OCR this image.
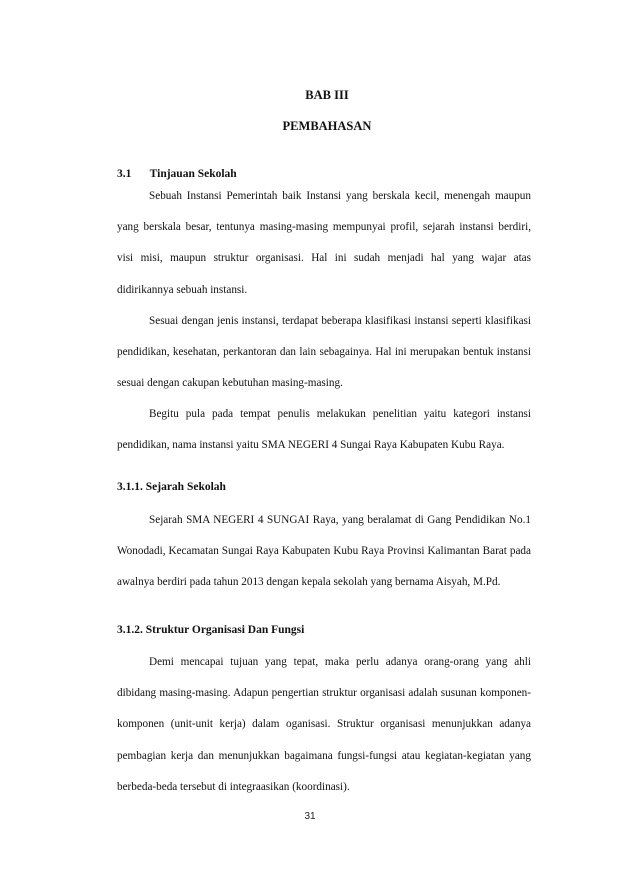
BAB III
PEMBAHASAN
3.1 Tinjauan Sekolah

Sebuah Instansi Pemerintah baik Instansi yang berskala kecil, menengah maupun yang berskala besar, tentunya masing-masing mempunyai profil, sejarah instansi berdiri, visi misi, maupun struktur organisasi. Hal ini sudah menjadi hal yang wajar atas didirikannya sebuah instansi.

Sesuai dengan jenis instansi, terdapat beberapa klasifikasi instansi seperti klasifikasi pendidikan, kesehatan, perkantoran dan lain sebagainya. Hal ini merupakan bentuk instansi sesuai dengan cakupan kebutuhan masing-masing.

Begitu pula pada tempat penulis melakukan penelitian yaitu kategori instansi pendidikan, nama instansi yaitu SMA NEGERI 4 Sungai Raya Kabupaten Kubu Raya.

3.1.1. Sejarah Sekolah

Sejarah SMA NEGERI 4 SUNGAI Raya, yang beralamat di Gang Pendidikan No.1 Wonodadi, Kecamatan Sungai Raya Kabupaten Kubu Raya Provinsi Kalimantan Barat pada awalnya berdiri pada tahun 2013 dengan kepala sekolah yang bernama Aisyah, M.Pd.

3.1.2. Struktur Organisasi Dan Fungsi

Demi mencapai tujuan yang tepat, maka perlu adanya orang-orang yang ahli dibidang masing-masing. Adapun pengertian struktur organisasi adalah susunan komponen-komponen (unit-unit kerja) dalam oganisasi. Struktur organisasi menunjukkan adanya pembagian kerja dan menunjukkan bagaimana fungsi-fungsi atau kegiatan-kegiatan yang berbeda-beda tersebut di integraasikan (koordinasi).

31
